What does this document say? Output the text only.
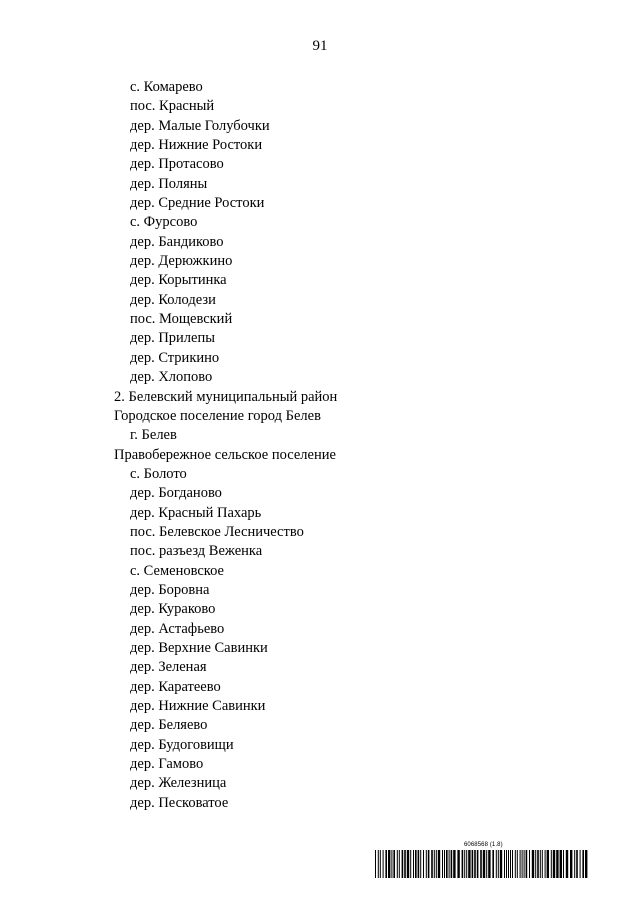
91
с. Комарево
пос. Красный
дер. Малые Голубочки
дер. Нижние Ростоки
дер. Протасово
дер. Поляны
дер. Средние Ростоки
с. Фурсово
дер. Бандиково
дер. Дерюжкино
дер. Корытинка
дер. Колодези
пос. Мощевский
дер. Прилепы
дер. Стрикино
дер. Хлопово
2. Белевский муниципальный район
Городское поселение город Белев
г. Белев
Правобережное сельское поселение
с. Болото
дер. Богданово
дер. Красный Пахарь
пос. Белевское Лесничество
пос. разъезд Веженка
с. Семеновское
дер. Боровна
дер. Кураково
дер. Астафьево
дер. Верхние Савинки
дер. Зеленая
дер. Каратеево
дер. Нижние Савинки
дер. Беляево
дер. Будоговищи
дер. Гамово
дер. Железница
дер. Песковатое
6068568 (1.8)
